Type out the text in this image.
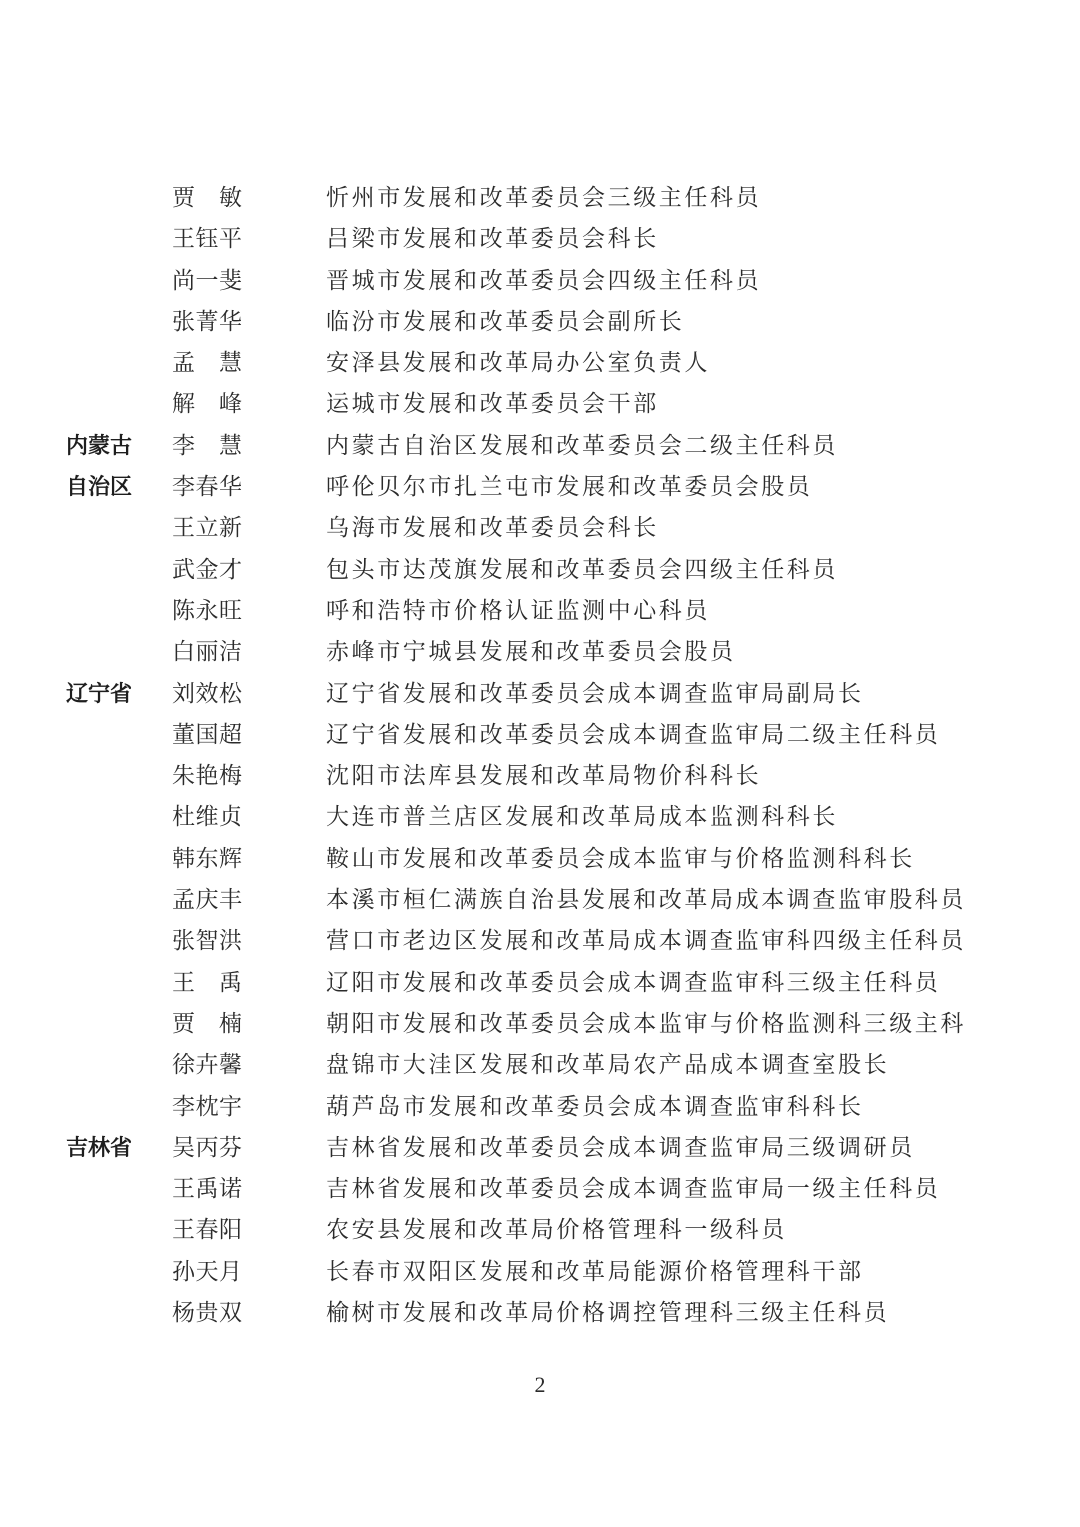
贾　敏	忻州市发展和改革委员会三级主任科员
王钰平	吕梁市发展和改革委员会科长
尚一斐	晋城市发展和改革委员会四级主任科员
张菁华	临汾市发展和改革委员会副所长
孟　慧	安泽县发展和改革局办公室负责人
解　峰	运城市发展和改革委员会干部
内蒙古 李　慧	内蒙古自治区发展和改革委员会二级主任科员
自治区 李春华	呼伦贝尔市扎兰屯市发展和改革委员会股员
王立新	乌海市发展和改革委员会科长
武金才	包头市达茂旗发展和改革委员会四级主任科员
陈永旺	呼和浩特市价格认证监测中心科员
白丽洁	赤峰市宁城县发展和改革委员会股员
辽宁省 刘效松	辽宁省发展和改革委员会成本调查监审局副局长
董国超	辽宁省发展和改革委员会成本调查监审局二级主任科员
朱艳梅	沈阳市法库县发展和改革局物价科科长
杜维贞	大连市普兰店区发展和改革局成本监测科科长
韩东辉	鞍山市发展和改革委员会成本监审与价格监测科科长
孟庆丰	本溪市桓仁满族自治县发展和改革局成本调查监审股科员
张智洪	营口市老边区发展和改革局成本调查监审科四级主任科员
王　禹	辽阳市发展和改革委员会成本调查监审科三级主任科员
贾　楠	朝阳市发展和改革委员会成本监审与价格监测科三级主科
徐卉馨	盘锦市大洼区发展和改革局农产品成本调查室股长
李枕宇	葫芦岛市发展和改革委员会成本调查监审科科长
吉林省 吴丙芬	吉林省发展和改革委员会成本调查监审局三级调研员
王禹诺	吉林省发展和改革委员会成本调查监审局一级主任科员
王春阳	农安县发展和改革局价格管理科一级科员
孙天月	长春市双阳区发展和改革局能源价格管理科干部
杨贵双	榆树市发展和改革局价格调控管理科三级主任科员
2
